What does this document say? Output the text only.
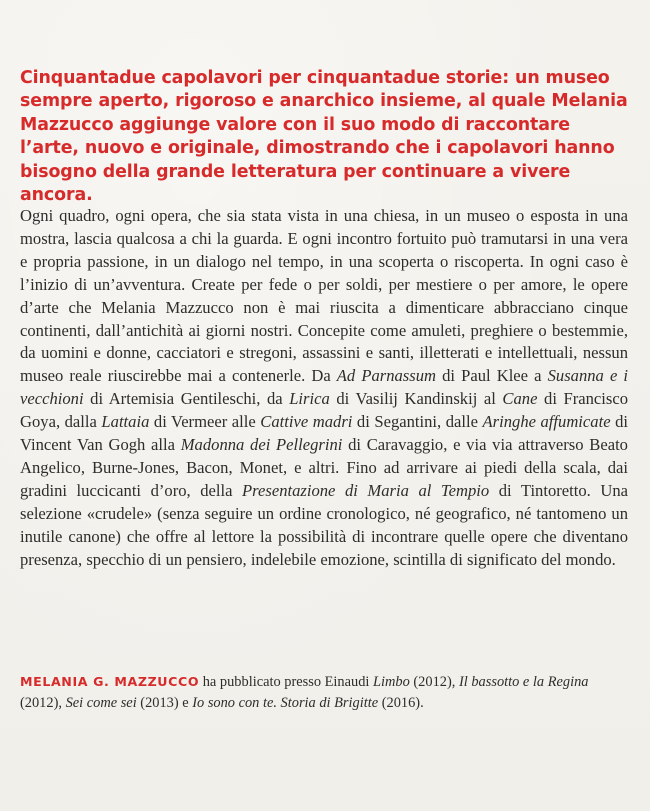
Cinquantadue capolavori per cinquantadue storie: un museo sempre aperto, rigoroso e anarchico insieme, al quale Melania Mazzucco aggiunge valore con il suo modo di raccontare l’arte, nuovo e originale, dimostrando che i capolavori hanno bisogno della grande letteratura per continuare a vivere ancora.

Ogni quadro, ogni opera, che sia stata vista in una chiesa, in un museo o esposta in una mostra, lascia qualcosa a chi la guarda. E ogni incontro fortuito può tramutarsi in una vera e propria passione, in un dialogo nel tempo, in una scoperta o riscoperta. In ogni caso è l’inizio di un’avventura. Create per fede o per soldi, per mestiere o per amore, le opere d’arte che Melania Mazzucco non è mai riuscita a dimenticare abbracciano cinque continenti, dall’antichità ai giorni nostri. Concepite come amuleti, preghiere o bestemmie, da uomini e donne, cacciatori e stregoni, assassini e santi, illetterati e intellettuali, nessun museo reale riuscirebbe mai a contenerle. Da Ad Parnassum di Paul Klee a Susanna e i vecchioni di Artemisia Gentileschi, da Lirica di Vasilij Kandinskij al Cane di Francisco Goya, dalla Lattaia di Vermeer alle Cattive madri di Segantini, dalle Aringhe affumicate di Vincent Van Gogh alla Madonna dei Pellegrini di Caravaggio, e via via attraverso Beato Angelico, Burne-Jones, Bacon, Monet, e altri. Fino ad arrivare ai piedi della scala, dai gradini luccicanti d’oro, della Presentazione di Maria al Tempio di Tintoretto. Una selezione «crudele» (senza seguire un ordine cronologico, né geografico, né tantomeno un inutile canone) che offre al lettore la possibilità di incontrare quelle opere che diventano presenza, specchio di un pensiero, indelebile emozione, scintilla di significato del mondo.

MELANIA G. MAZZUCCO ha pubblicato presso Einaudi Limbo (2012), Il bassotto e la Regina (2012), Sei come sei (2013) e Io sono con te. Storia di Brigitte (2016).
